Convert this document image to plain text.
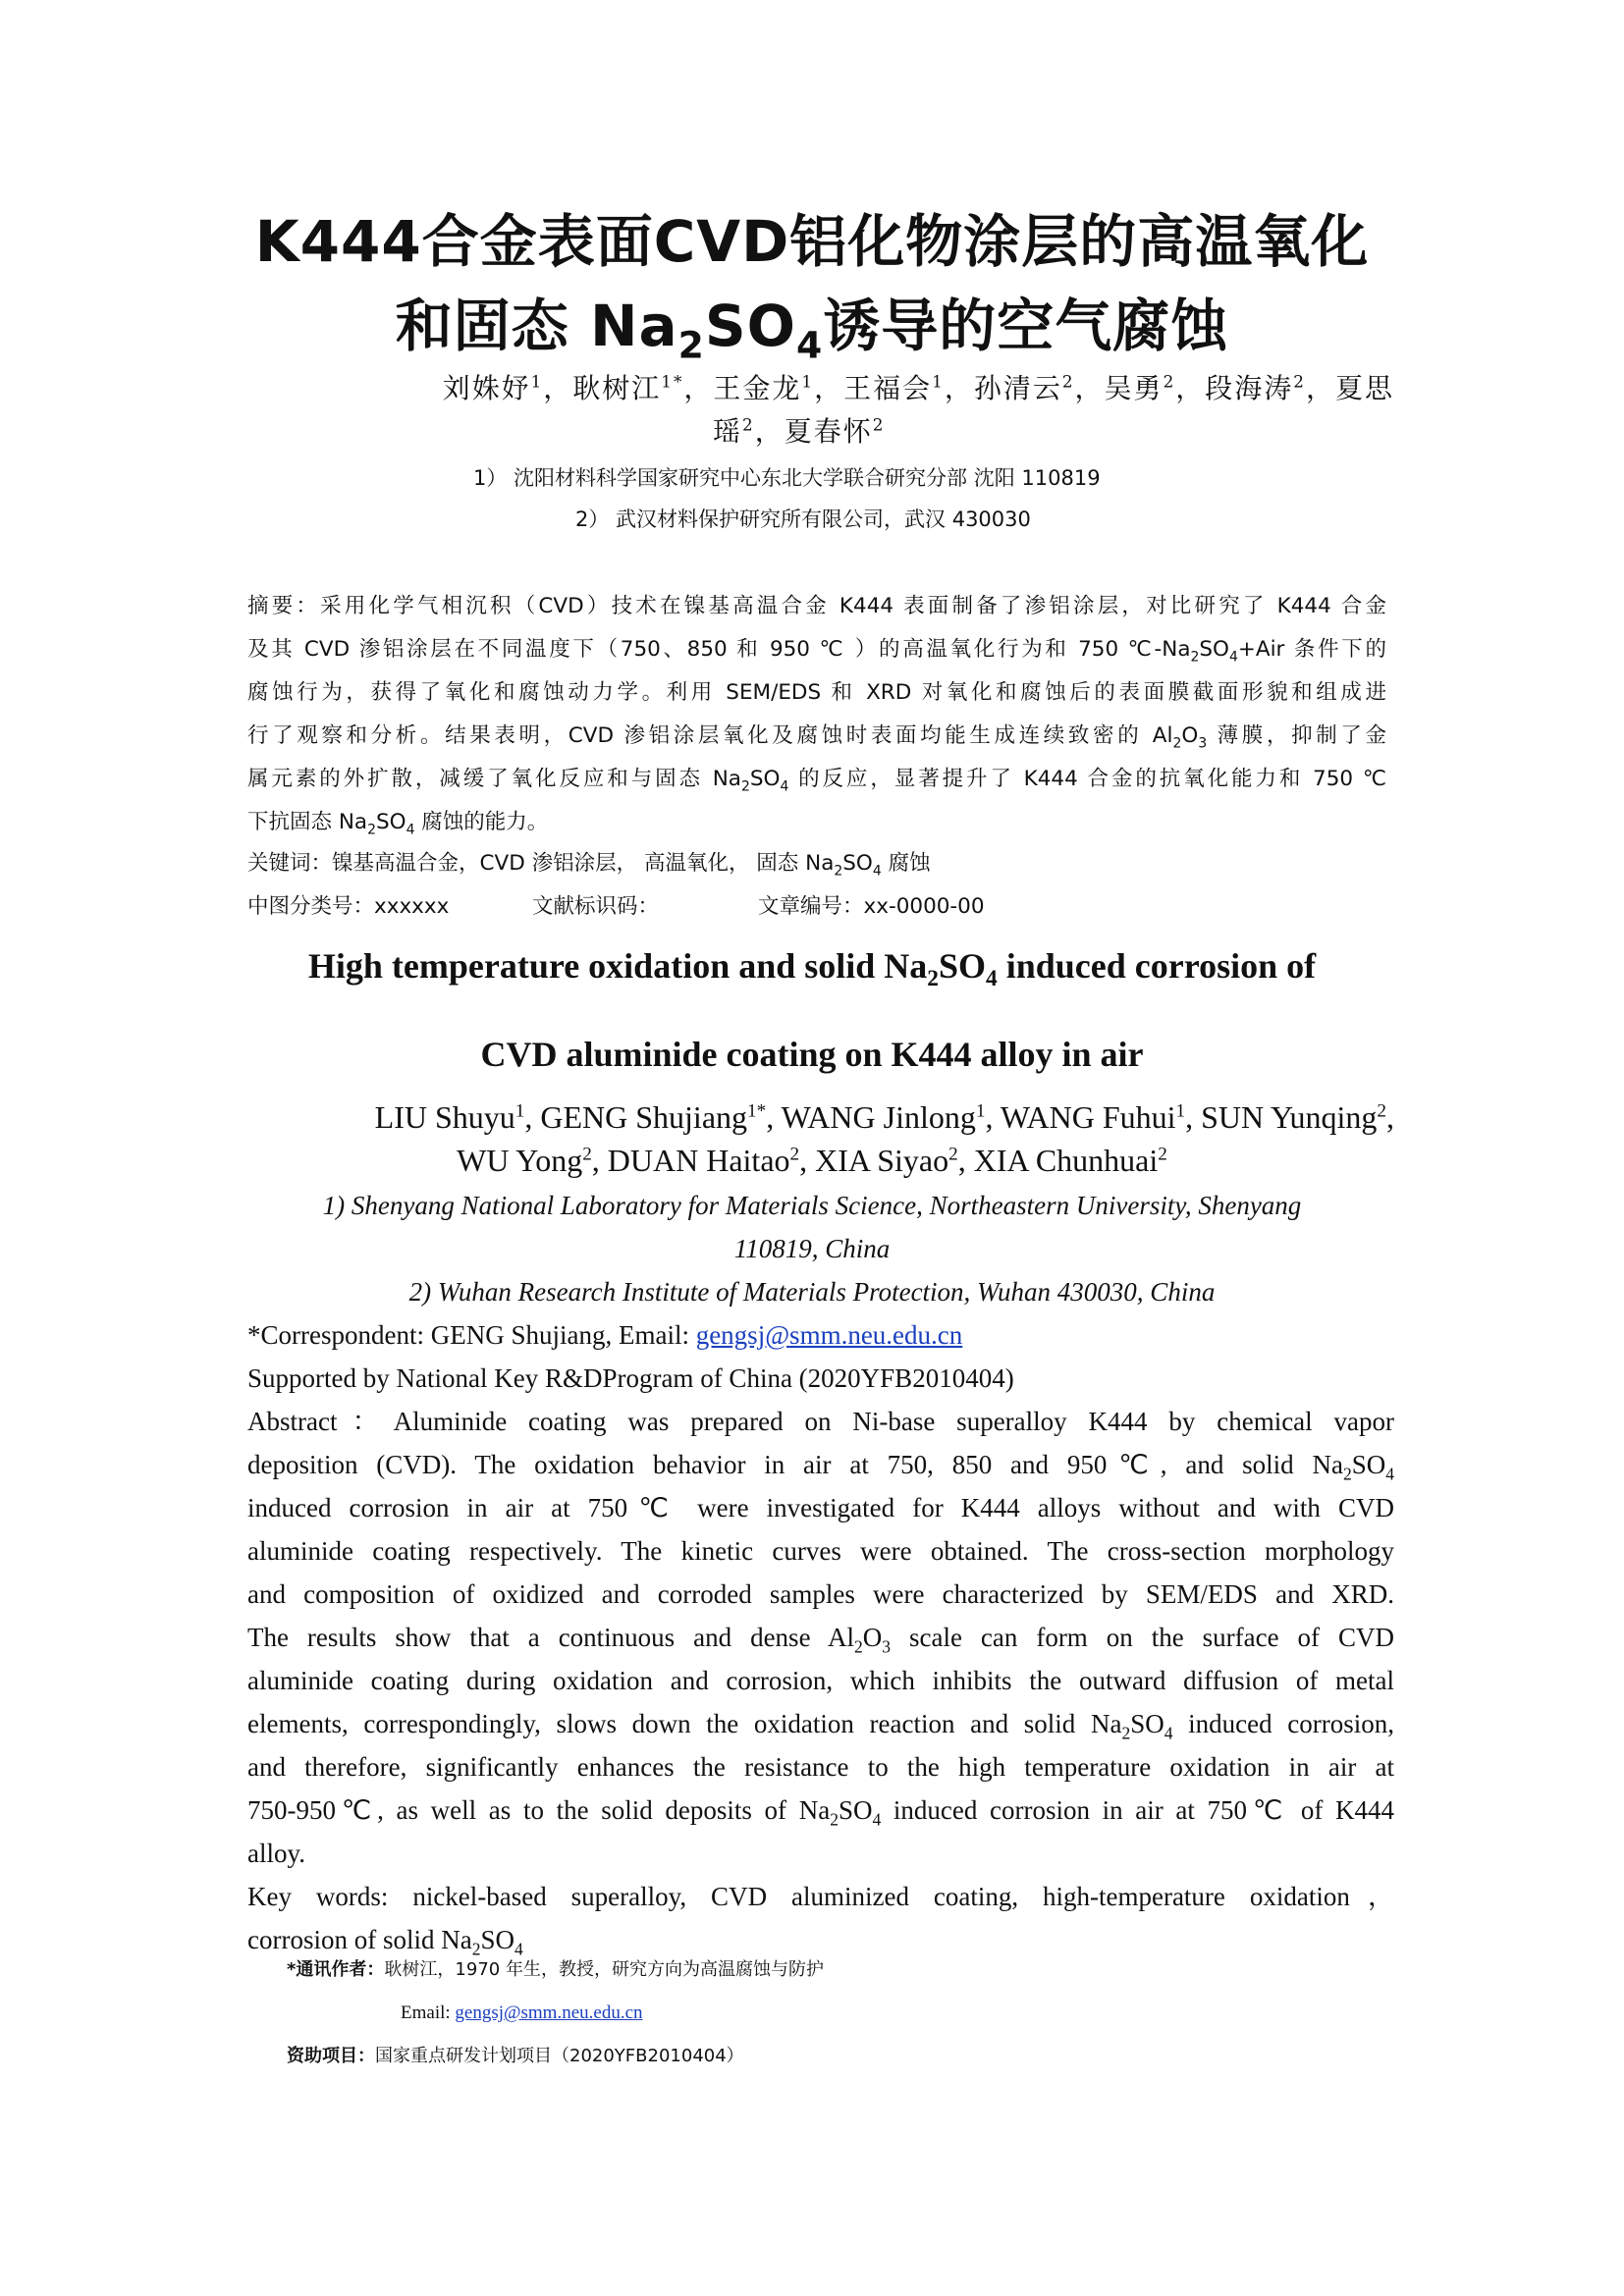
K444合金表面CVD铝化物涂层的高温氧化
和固态 $Na_2SO_4$诱导的空气腐蚀
刘姝妤$^1$，耿树江$^{1*}$，王金龙$^1$，王福会$^1$，孙清云$^2$，吴勇$^2$，段海涛$^2$，夏思
瑶$^2$，夏春怀$^2$
1） 沈阳材料科学国家研究中心东北大学联合研究分部 沈阳 110819
2） 武汉材料保护研究所有限公司，武汉 430030
摘要：采用化学气相沉积（CVD）技术在镍基高温合金 K444 表面制备了渗铝涂层，对比研究了 K444 合金
及其 CVD 渗铝涂层在不同温度下（750、850 和 950 ℃ ）的高温氧化行为和 750 $℃-Na_2SO_4+Air$ 条件下的
腐蚀行为，获得了氧化和腐蚀动力学。利用 SEM/EDS 和 XRD 对氧化和腐蚀后的表面膜截面形貌和组成进
行了观察和分析。结果表明，CVD 渗铝涂层氧化及腐蚀时表面均能生成连续致密的 $Al_2O_3$ 薄膜，抑制了金
属元素的外扩散，减缓了氧化反应和与固态 $Na_2SO_4$ 的反应，显著提升了 K444 合金的抗氧化能力和 750 ℃
下抗固态 $Na_2SO_4$ 腐蚀的能力。
关键词：镍基高温合金，CVD 渗铝涂层， 高温氧化， 固态 $Na_2SO_4$ 腐蚀
中图分类号：xxxxxx	文献标识码：	文章编号：xx-0000-00
High temperature oxidation and solid $Na_2SO_4$ induced corrosion of
CVD aluminide coating on K444 alloy in air
LIU Shuyu$^1$, GENG Shujiang$^{1*}$, WANG Jinlong$^1$, WANG Fuhui$^1$, SUN Yunqing$^2$,
WU Yong$^2$, DUAN Haitao$^2$, XIA Siyao$^2$, XIA Chunhuai$^2$
1) Shenyang National Laboratory for Materials Science, Northeastern University, Shenyang
110819, China
2) Wuhan Research Institute of Materials Protection, Wuhan 430030, China
*Correspondent: GENG Shujiang, Email: gengsj@smm.neu.edu.cn
Supported by National Key R&DProgram of China (2020YFB2010404)
Abstract：Aluminide coating was prepared on Ni-base superalloy K444 by chemical vapor
deposition (CVD). The oxidation behavior in air at 750, 850 and 950℃, and solid $Na_2SO_4$
induced corrosion in air at 750℃ were investigated for K444 alloys without and with CVD
aluminide coating respectively. The kinetic curves were obtained. The cross-section morphology
and composition of oxidized and corroded samples were characterized by SEM/EDS and XRD.
The results show that a continuous and dense $Al_2O_3$ scale can form on the surface of CVD
aluminide coating during oxidation and corrosion, which inhibits the outward diffusion of metal
elements, correspondingly, slows down the oxidation reaction and solid $Na_2SO_4$ induced corrosion,
and therefore, significantly enhances the resistance to the high temperature oxidation in air at
750-950℃, as well as to the solid deposits of $Na_2SO_4$ induced corrosion in air at 750℃ of K444
alloy.
Key words: nickel-based superalloy, CVD aluminized coating, high-temperature oxidation，
corrosion of solid $Na_2SO_4$
*通讯作者：耿树江，1970 年生，教授，研究方向为高温腐蚀与防护
Email: gengsj@smm.neu.edu.cn
资助项目：国家重点研发计划项目（2020YFB2010404）
